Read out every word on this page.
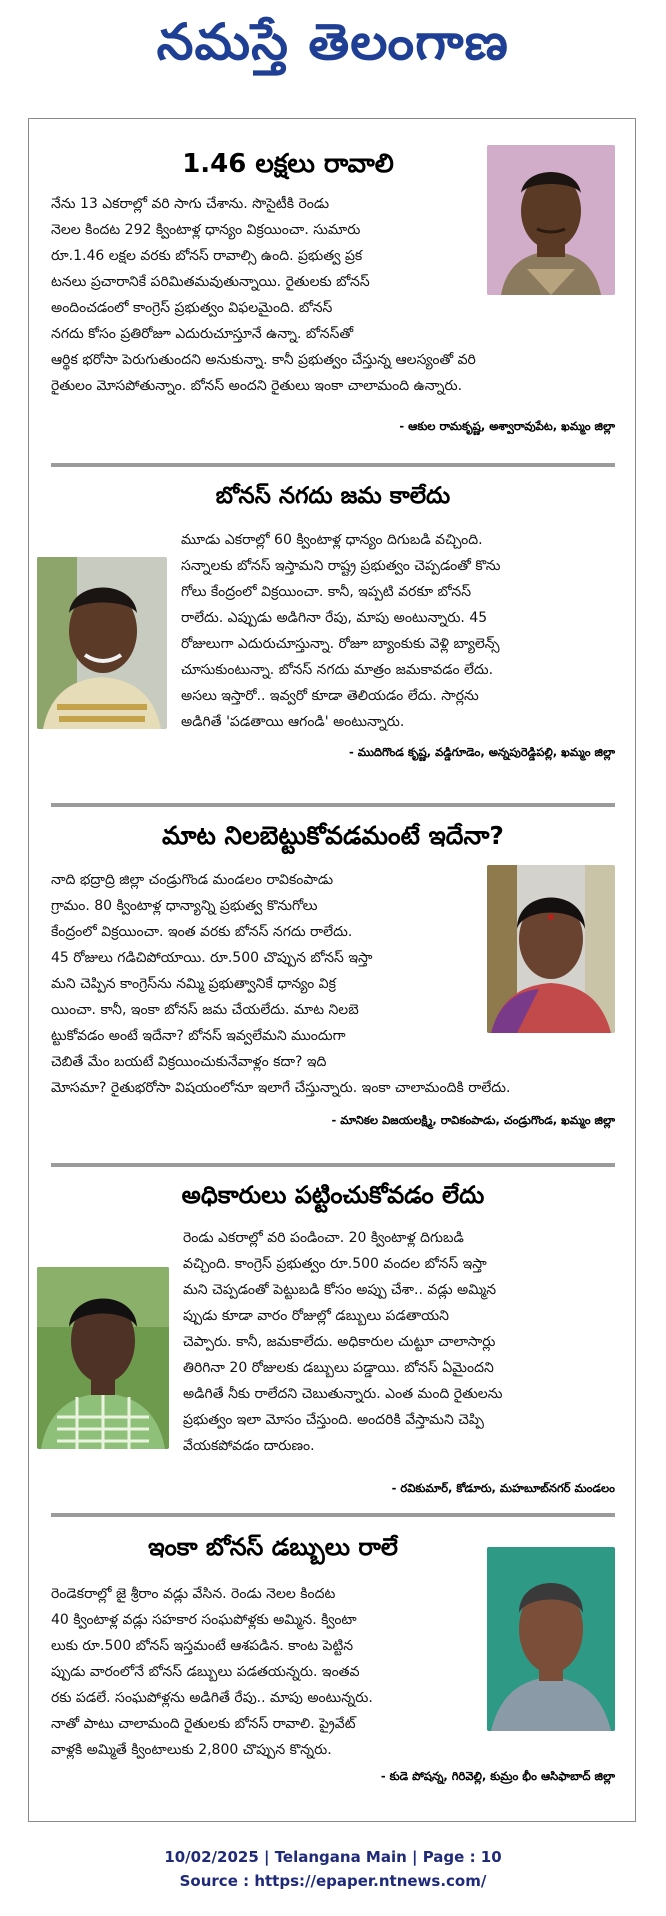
నమస్తే తెలంగాణ
1.46 లక్షలు రావాలి
నేను 13 ఎకరాల్లో వరి సాగు చేశాను. సొసైటీకి రెండు
నెలల కిందట 292 క్వింటాళ్ల ధాన్యం విక్రయించా. సుమారు
రూ.1.46 లక్షల వరకు బోనస్ రావాల్సి ఉంది. ప్రభుత్వ ప్రక
టనలు ప్రచారానికే పరిమితమవుతున్నాయి. రైతులకు బోనస్
అందించడంలో కాంగ్రెస్ ప్రభుత్వం విఫలమైంది. బోనస్
నగదు కోసం ప్రతిరోజూ ఎదురుచూస్తూనే ఉన్నా. బోనస్‌తో
ఆర్థిక భరోసా పెరుగుతుందని అనుకున్నా. కానీ ప్రభుత్వం చేస్తున్న ఆలస్యంతో వరి
రైతులం మోసపోతున్నాం. బోనస్ అందని రైతులు ఇంకా చాలామంది ఉన్నారు.
- ఆకుల రామకృష్ణ, అశ్వారావుపేట, ఖమ్మం జిల్లా
బోనస్ నగదు జమ కాలేదు
మూడు ఎకరాల్లో 60 క్వింటాళ్ల ధాన్యం దిగుబడి వచ్చింది.
సన్నాలకు బోనస్ ఇస్తామని రాష్ట్ర ప్రభుత్వం చెప్పడంతో కొను
గోలు కేంద్రంలో విక్రయించా. కానీ, ఇప్పటి వరకూ బోనస్
రాలేదు. ఎప్పుడు అడిగినా రేపు, మాపు అంటున్నారు. 45
రోజులుగా ఎదురుచూస్తున్నా. రోజూ బ్యాంకుకు వెళ్లి బ్యాలెన్స్
చూసుకుంటున్నా. బోనస్ నగదు మాత్రం జమకావడం లేదు.
అసలు ఇస్తారో.. ఇవ్వరో కూడా తెలియడం లేదు. సార్లను
అడిగితే 'పడతాయి ఆగండి' అంటున్నారు.
- ముదిగొండ కృష్ణ, వడ్డిగూడెం, అన్నపురెడ్డిపల్లి, ఖమ్మం జిల్లా
మాట నిలబెట్టుకోవడమంటే ఇదేనా?
నాది భద్రాద్రి జిల్లా చండ్రుగొండ మండలం రావికంపాడు
గ్రామం. 80 క్వింటాళ్ల ధాన్యాన్ని ప్రభుత్వ కొనుగోలు
కేంద్రంలో విక్రయించా. ఇంత వరకు బోనస్ నగదు రాలేదు.
45 రోజులు గడిచిపోయాయి. రూ.500 చొప్పున బోనస్ ఇస్తా
మని చెప్పిన కాంగ్రెస్‌ను నమ్మి ప్రభుత్వానికే ధాన్యం విక్ర
యించా. కానీ, ఇంకా బోనస్ జమ చేయలేదు. మాట నిలబె
ట్టుకోవడం అంటే ఇదేనా? బోనస్ ఇవ్వలేమని ముందుగా
చెబితే మేం బయటే విక్రయించుకునేవాళ్లం కదా? ఇది
మోసమా? రైతుభరోసా విషయంలోనూ ఇలాగే చేస్తున్నారు. ఇంకా చాలామందికి రాలేదు.
- మానికల విజయలక్ష్మి, రావికంపాడు, చండ్రుగొండ, ఖమ్మం జిల్లా
అధికారులు పట్టించుకోవడం లేదు
రెండు ఎకరాల్లో వరి పండించా. 20 క్వింటాళ్ల దిగుబడి
వచ్చింది. కాంగ్రెస్ ప్రభుత్వం రూ.500 వందల బోనస్ ఇస్తా
మని చెప్పడంతో పెట్టుబడి కోసం అప్పు చేశా.. వడ్లు అమ్మిన
ప్పుడు కూడా వారం రోజుల్లో డబ్బులు పడతాయని
చెప్పారు. కానీ, జమకాలేదు. అధికారుల చుట్టూ చాలాసార్లు
తిరిగినా 20 రోజులకు డబ్బులు పడ్డాయి. బోనస్ ఏమైందని
అడిగితే నీకు రాలేదని చెబుతున్నారు. ఎంత మంది రైతులను
ప్రభుత్వం ఇలా మోసం చేస్తుంది. అందరికి వేస్తామని చెప్పి
వేయకపోవడం దారుణం.
- రవికుమార్, కోడూరు, మహబూబ్‌నగర్ మండలం
ఇంకా బోనస్ డబ్బులు రాలే
రెండెకరాల్లో జై శ్రీరాం వడ్లు వేసిన. రెండు నెలల కిందట
40 క్వింటాళ్ల వడ్లు సహకార సంఘపోళ్లకు అమ్మిన. క్వింటా
లుకు రూ.500 బోనస్ ఇస్తమంటే ఆశపడిన. కాంట పెట్టిన
ప్పుడు వారంలోనే బోనస్ డబ్బులు పడతయన్నరు. ఇంతవ
రకు పడలే. సంఘపోళ్లను అడిగితే రేపు.. మాపు అంటున్నరు.
నాతో పాటు చాలామంది రైతులకు బోనస్ రావాలి. ప్రైవేట్
వాళ్లకి అమ్మితే క్వింటాలుకు 2,800 చొప్పున కొన్నరు.
- కుడె పోషన్న, గిరివెల్లి, కుమ్రం భీం ఆసిఫాబాద్ జిల్లా
10/02/2025 | Telangana Main | Page : 10
Source : https://epaper.ntnews.com/
